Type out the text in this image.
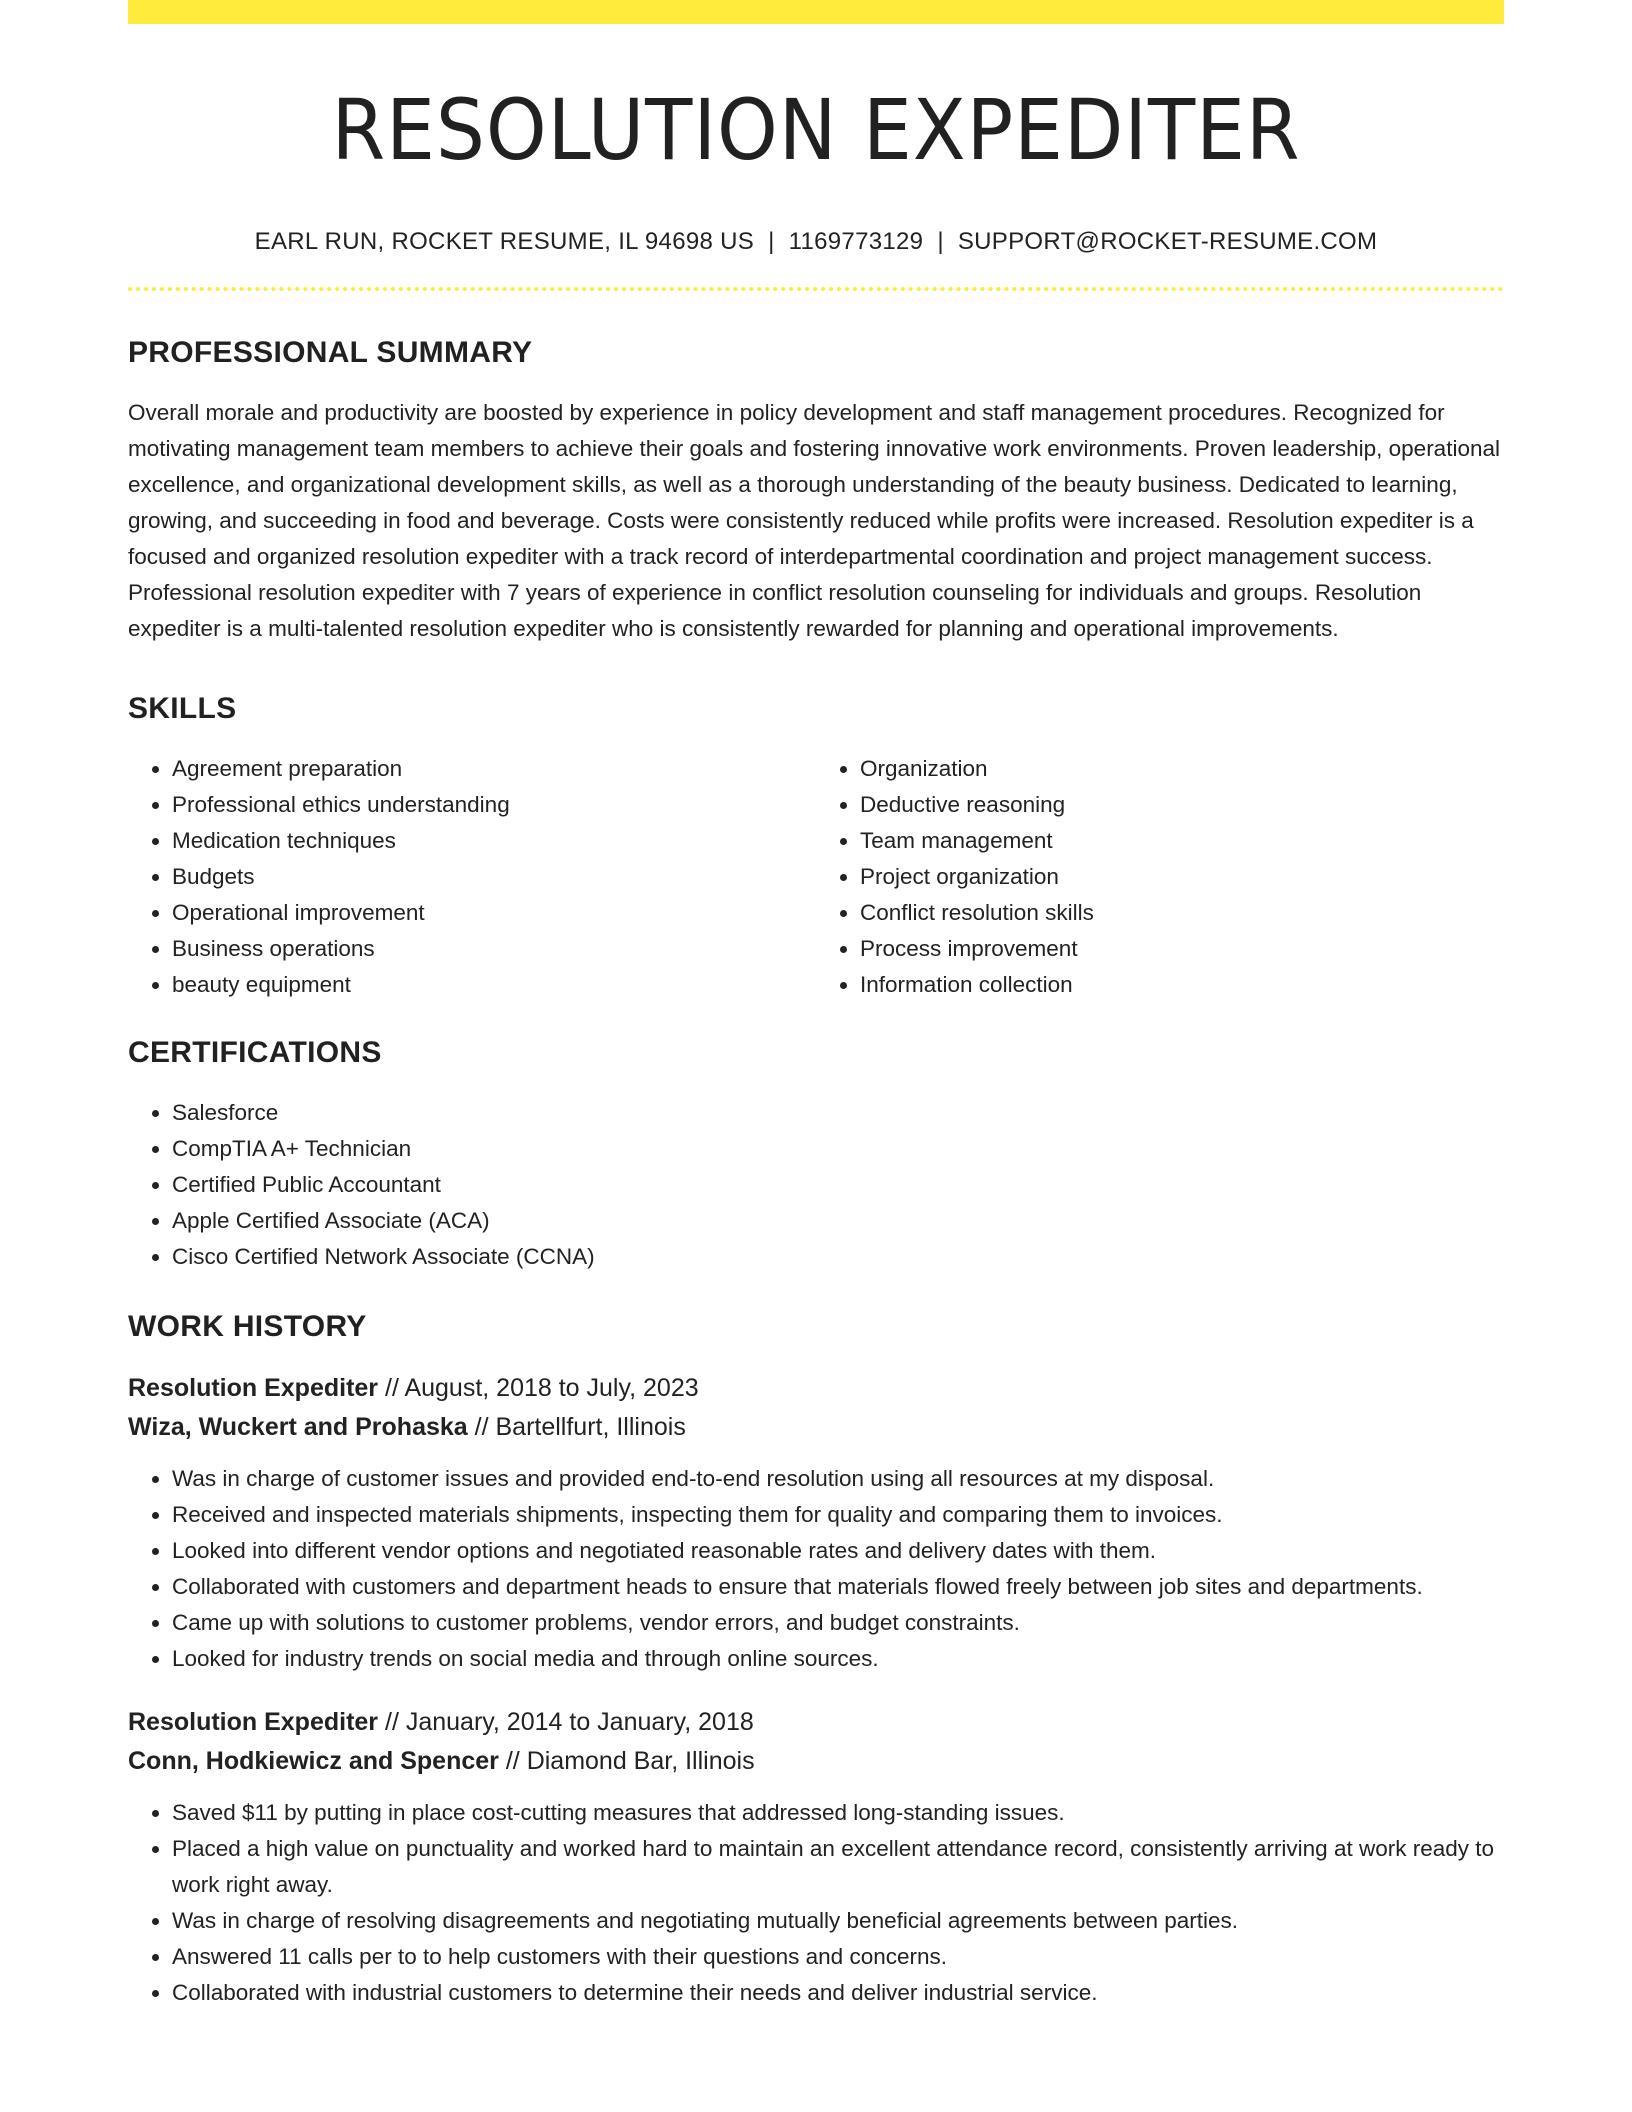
RESOLUTION EXPEDITER
EARL RUN, ROCKET RESUME, IL 94698 US | 1169773129 | SUPPORT@ROCKET-RESUME.COM
PROFESSIONAL SUMMARY
Overall morale and productivity are boosted by experience in policy development and staff management procedures. Recognized for motivating management team members to achieve their goals and fostering innovative work environments. Proven leadership, operational excellence, and organizational development skills, as well as a thorough understanding of the beauty business. Dedicated to learning, growing, and succeeding in food and beverage. Costs were consistently reduced while profits were increased. Resolution expediter is a focused and organized resolution expediter with a track record of interdepartmental coordination and project management success. Professional resolution expediter with 7 years of experience in conflict resolution counseling for individuals and groups. Resolution expediter is a multi-talented resolution expediter who is consistently rewarded for planning and operational improvements.
SKILLS
• Agreement preparation
• Professional ethics understanding
• Medication techniques
• Budgets
• Operational improvement
• Business operations
• beauty equipment
• Organization
• Deductive reasoning
• Team management
• Project organization
• Conflict resolution skills
• Process improvement
• Information collection
CERTIFICATIONS
• Salesforce
• CompTIA A+ Technician
• Certified Public Accountant
• Apple Certified Associate (ACA)
• Cisco Certified Network Associate (CCNA)
WORK HISTORY
Resolution Expediter // August, 2018 to July, 2023
Wiza, Wuckert and Prohaska // Bartellfurt, Illinois
• Was in charge of customer issues and provided end-to-end resolution using all resources at my disposal.
• Received and inspected materials shipments, inspecting them for quality and comparing them to invoices.
• Looked into different vendor options and negotiated reasonable rates and delivery dates with them.
• Collaborated with customers and department heads to ensure that materials flowed freely between job sites and departments.
• Came up with solutions to customer problems, vendor errors, and budget constraints.
• Looked for industry trends on social media and through online sources.
Resolution Expediter // January, 2014 to January, 2018
Conn, Hodkiewicz and Spencer // Diamond Bar, Illinois
• Saved $11 by putting in place cost-cutting measures that addressed long-standing issues.
• Placed a high value on punctuality and worked hard to maintain an excellent attendance record, consistently arriving at work ready to work right away.
• Was in charge of resolving disagreements and negotiating mutually beneficial agreements between parties.
• Answered 11 calls per to to help customers with their questions and concerns.
• Collaborated with industrial customers to determine their needs and deliver industrial service.
